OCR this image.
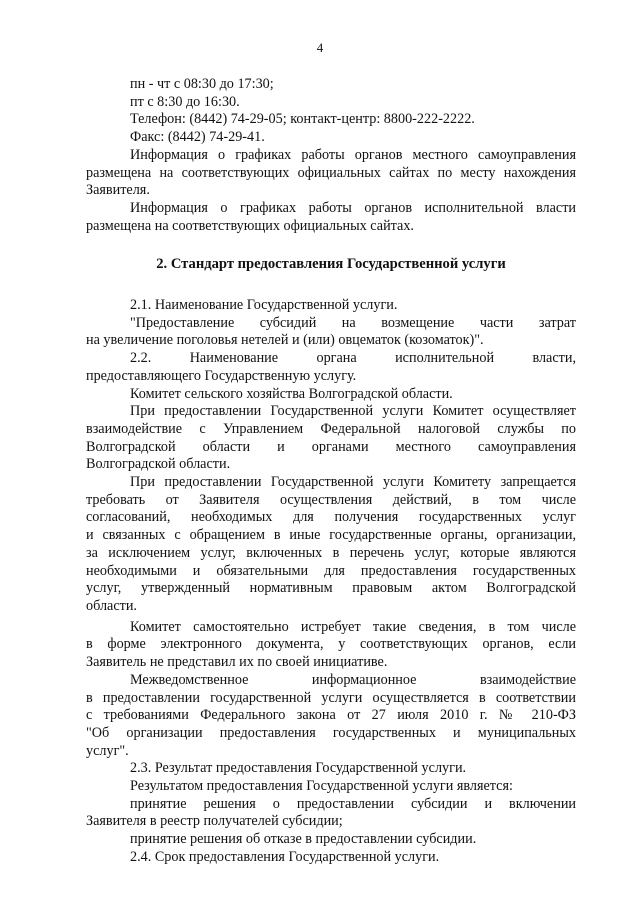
4

пн - чт с 08:30 до 17:30;

пт с 8:30 до 16:30.

Телефон: (8442) 74-29-05; контакт-центр: 8800-222-2222.

Факс: (8442) 74-29-41.

Информация о графиках работы органов местного самоуправления

размещена на соответствующих официальных сайтах по месту нахождения

Заявителя.

Информация о графиках работы органов исполнительной власти

размещена на соответствующих официальных сайтах.

2. Стандарт предоставления Государственной услуги

2.1. Наименование Государственной услуги.

"Предоставление субсидий на возмещение части затрат

на увеличение поголовья нетелей и (или) овцематок (козоматок)".

2.2. Наименование органа исполнительной власти,

предоставляющего Государственную услугу.

Комитет сельского хозяйства Волгоградской области.

При предоставлении Государственной услуги Комитет осуществляет

взаимодействие с Управлением Федеральной налоговой службы по

Волгоградской области и органами местного самоуправления

Волгоградской области.

При предоставлении Государственной услуги Комитету запрещается

требовать от Заявителя осуществления действий, в том числе

согласований, необходимых для получения государственных услуг

и связанных с обращением в иные государственные органы, организации,

за исключением услуг, включенных в перечень услуг, которые являются

необходимыми и обязательными для предоставления государственных

услуг, утвержденный нормативным правовым актом Волгоградской

области.

Комитет самостоятельно истребует такие сведения, в том числе

в форме электронного документа, у соответствующих органов, если

Заявитель не представил их по своей инициативе.

Межведомственное информационное взаимодействие

в предоставлении государственной услуги осуществляется в соответствии

с требованиями Федерального закона от 27 июля 2010 г. № 210-ФЗ

"Об организации предоставления государственных и муниципальных

услуг".

2.3. Результат предоставления Государственной услуги.

Результатом предоставления Государственной услуги является:

принятие решения о предоставлении субсидии и включении

Заявителя в реестр получателей субсидии;

принятие решения об отказе в предоставлении субсидии.

2.4. Срок предоставления Государственной услуги.
